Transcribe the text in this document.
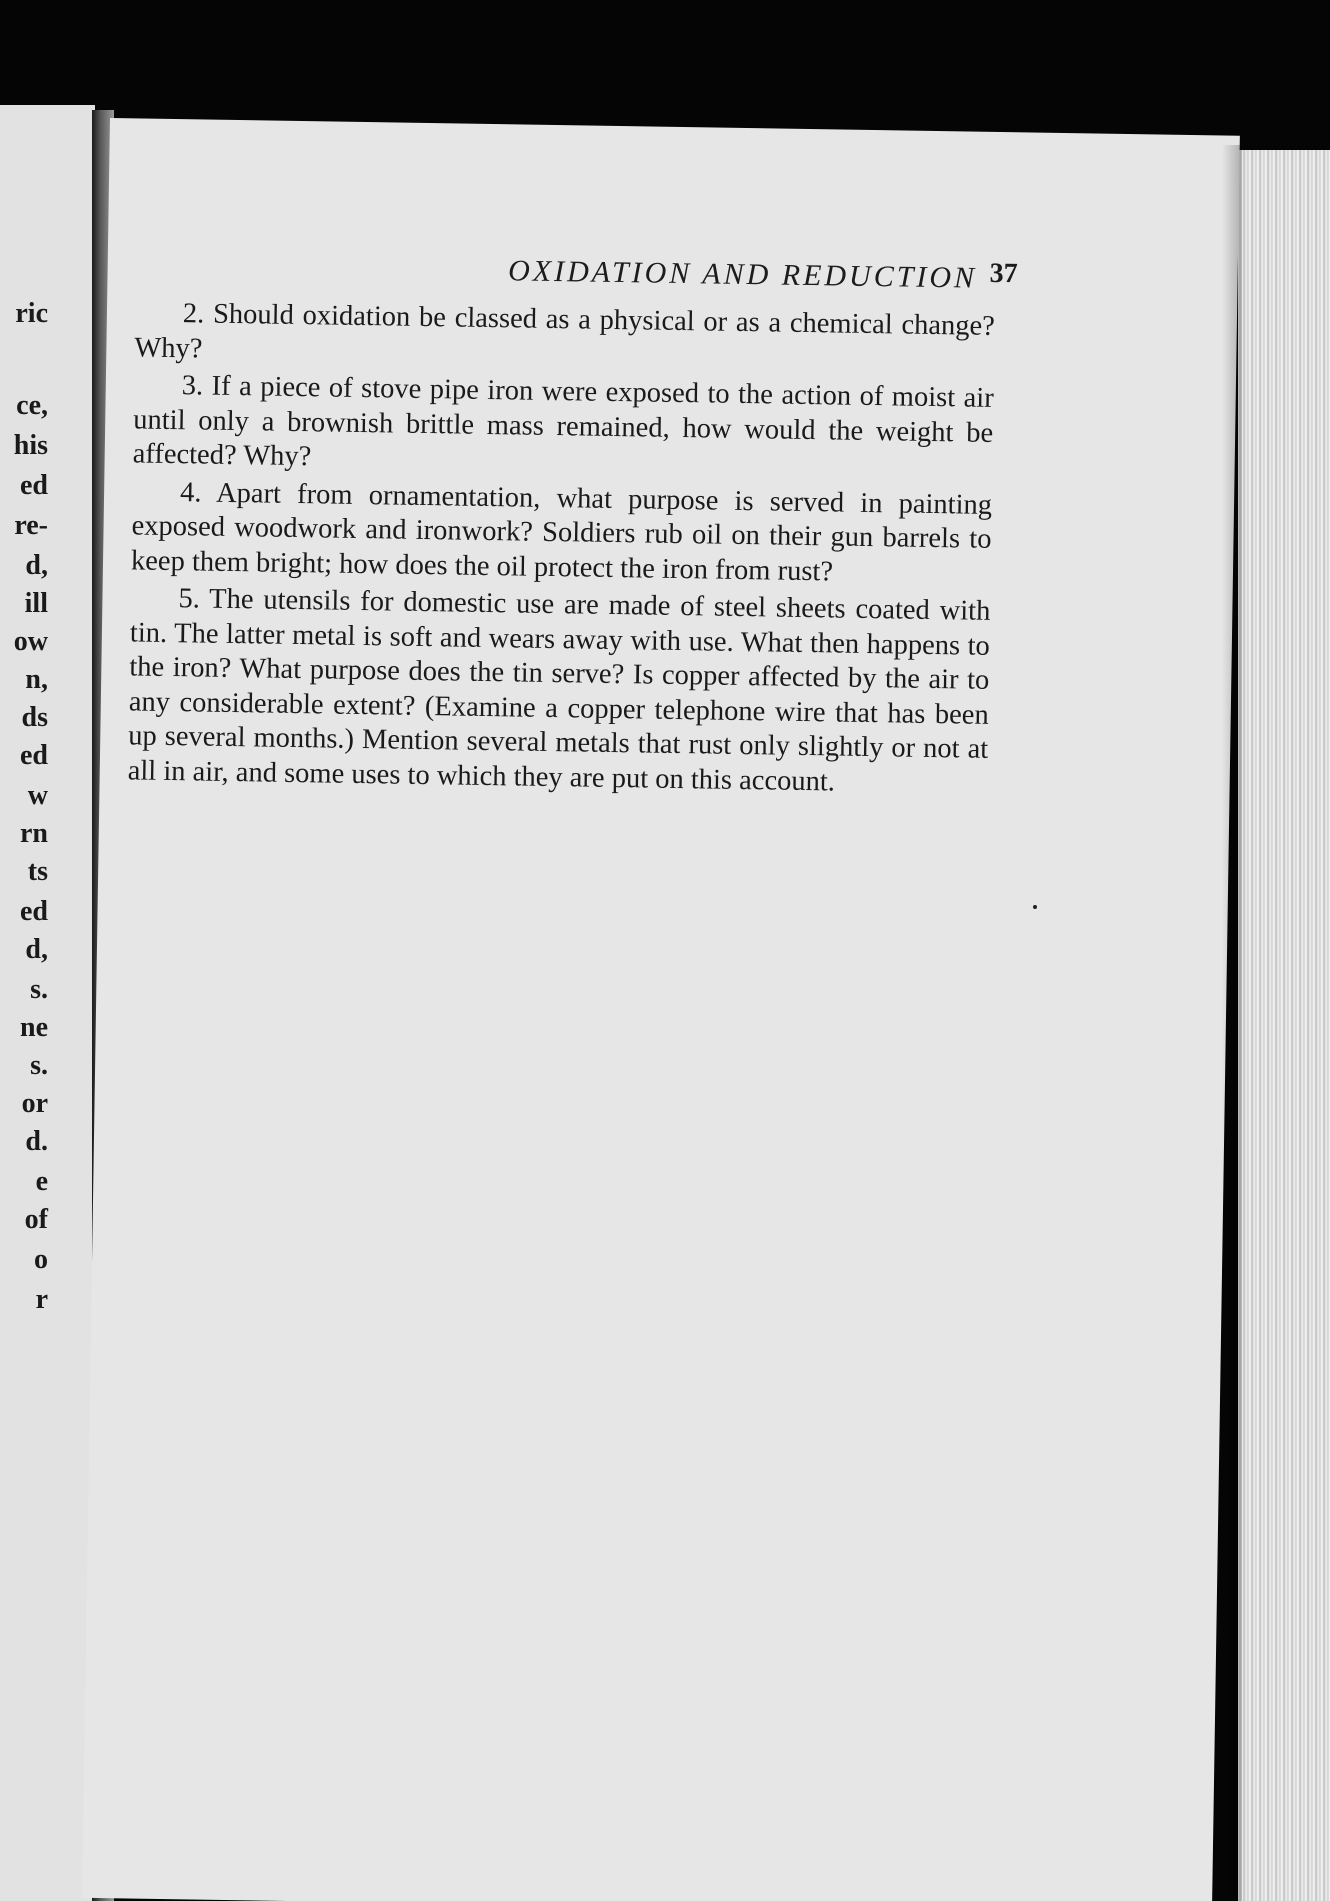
ric
ce,
his
ed
re-
d,
ill
ow
n,
ds
ed
w
rn
ts
ed
d,
s.
ne
s.
or
d.
e
of
o
r
OXIDATION AND REDUCTION 37

2. Should oxidation be classed as a physical or as a chemical change? Why?

3. If a piece of stove pipe iron were exposed to the action of moist air until only a brownish brittle mass remained, how would the weight be affected? Why?

4. Apart from ornamentation, what purpose is served in painting exposed woodwork and ironwork? Soldiers rub oil on their gun barrels to keep them bright; how does the oil protect the iron from rust?

5. The utensils for domestic use are made of steel sheets coated with tin. The latter metal is soft and wears away with use. What then happens to the iron? What purpose does the tin serve? Is copper affected by the air to any considerable extent? (Examine a copper telephone wire that has been up several months.) Mention several metals that rust only slightly or not at all in air, and some uses to which they are put on this account.
